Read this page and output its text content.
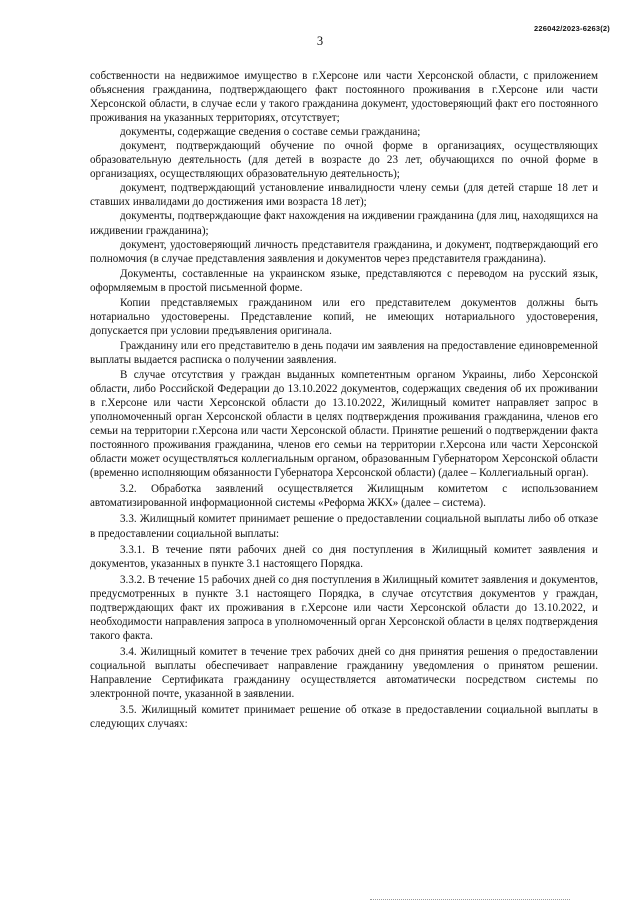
3
226042/2023-6263(2)

собственности на недвижимое имущество в г.Херсоне или части Херсонской области, с приложением объяснения гражданина, подтверждающего факт постоянного проживания в г.Херсоне или части Херсонской области, в случае если у такого гражданина документ, удостоверяющий факт его постоянного проживания на указанных территориях, отсутствует;

документы, содержащие сведения о составе семьи гражданина;

документ, подтверждающий обучение по очной форме в организациях, осуществляющих образовательную деятельность (для детей в возрасте до 23 лет, обучающихся по очной форме в организациях, осуществляющих образовательную деятельность);

документ, подтверждающий установление инвалидности члену семьи (для детей старше 18 лет и ставших инвалидами до достижения ими возраста 18 лет);

документы, подтверждающие факт нахождения на иждивении гражданина (для лиц, находящихся на иждивении гражданина);

документ, удостоверяющий личность представителя гражданина, и документ, подтверждающий его полномочия (в случае представления заявления и документов через представителя гражданина).

Документы, составленные на украинском языке, представляются с переводом на русский язык, оформляемым в простой письменной форме.

Копии представляемых гражданином или его представителем документов должны быть нотариально удостоверены. Представление копий, не имеющих нотариального удостоверения, допускается при условии предъявления оригинала.

Гражданину или его представителю в день подачи им заявления на предоставление единовременной выплаты выдается расписка о получении заявления.

В случае отсутствия у граждан выданных компетентным органом Украины, либо Херсонской области, либо Российской Федерации до 13.10.2022 документов, содержащих сведения об их проживании в г.Херсоне или части Херсонской области до 13.10.2022, Жилищный комитет направляет запрос в уполномоченный орган Херсонской области в целях подтверждения проживания гражданина, членов его семьи на территории г.Херсона или части Херсонской области. Принятие решений о подтверждении факта постоянного проживания гражданина, членов его семьи на территории г.Херсона или части Херсонской области может осуществляться коллегиальным органом, образованным Губернатором Херсонской области (временно исполняющим обязанности Губернатора Херсонской области) (далее – Коллегиальный орган).

3.2. Обработка заявлений осуществляется Жилищным комитетом с использованием автоматизированной информационной системы «Реформа ЖКХ» (далее – система).

3.3. Жилищный комитет принимает решение о предоставлении социальной выплаты либо об отказе в предоставлении социальной выплаты:

3.3.1. В течение пяти рабочих дней со дня поступления в Жилищный комитет заявления и документов, указанных в пункте 3.1 настоящего Порядка.

3.3.2. В течение 15 рабочих дней со дня поступления в Жилищный комитет заявления и документов, предусмотренных в пункте 3.1 настоящего Порядка, в случае отсутствия документов у граждан, подтверждающих факт их проживания в г.Херсоне или части Херсонской области до 13.10.2022, и необходимости направления запроса в уполномоченный орган Херсонской области в целях подтверждения такого факта.

3.4. Жилищный комитет в течение трех рабочих дней со дня принятия решения о предоставлении социальной выплаты обеспечивает направление гражданину уведомления о принятом решении. Направление Сертификата гражданину осуществляется автоматически посредством системы по электронной почте, указанной в заявлении.

3.5. Жилищный комитет принимает решение об отказе в предоставлении социальной выплаты в следующих случаях:
